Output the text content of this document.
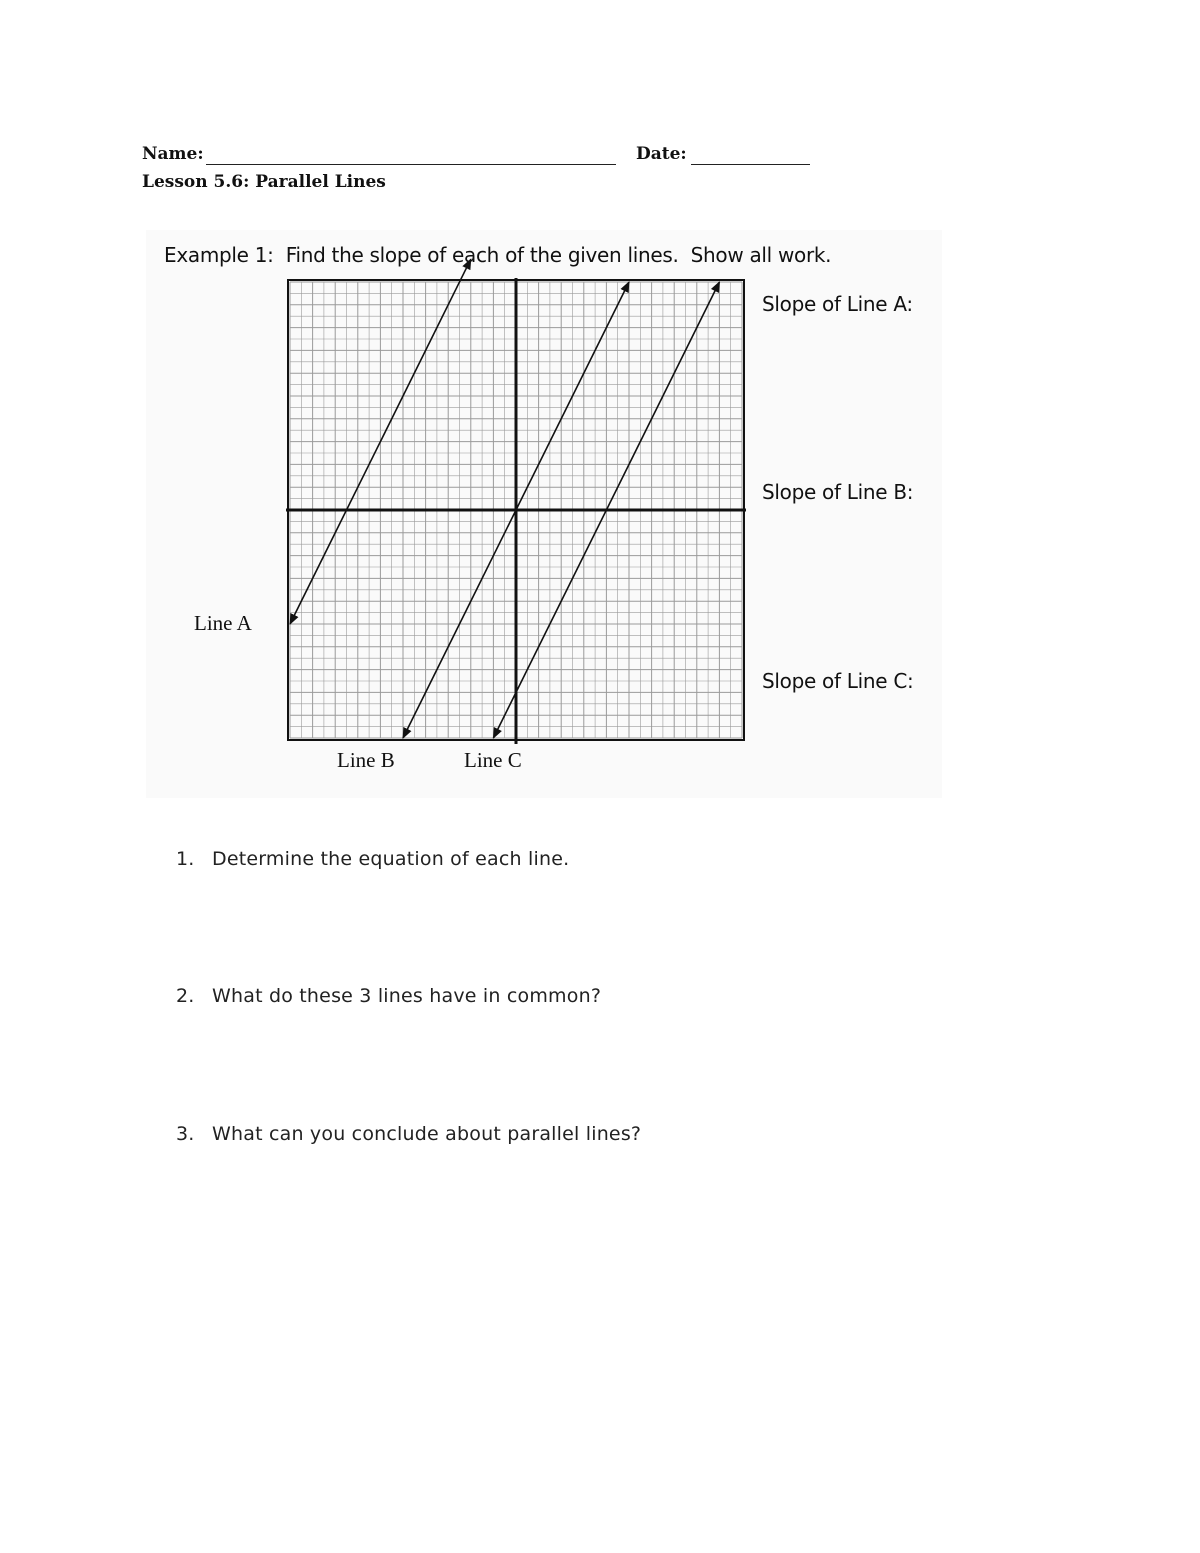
Name:	Date:
Lesson 5.6: Parallel Lines
Example 1:  Find the slope of each of the given lines.  Show all work.
Slope of Line A:
Slope of Line B:
Slope of Line C:
Line A
Line B	Line C
1. Determine the equation of each line.
2. What do these 3 lines have in common?
3. What can you conclude about parallel lines?
